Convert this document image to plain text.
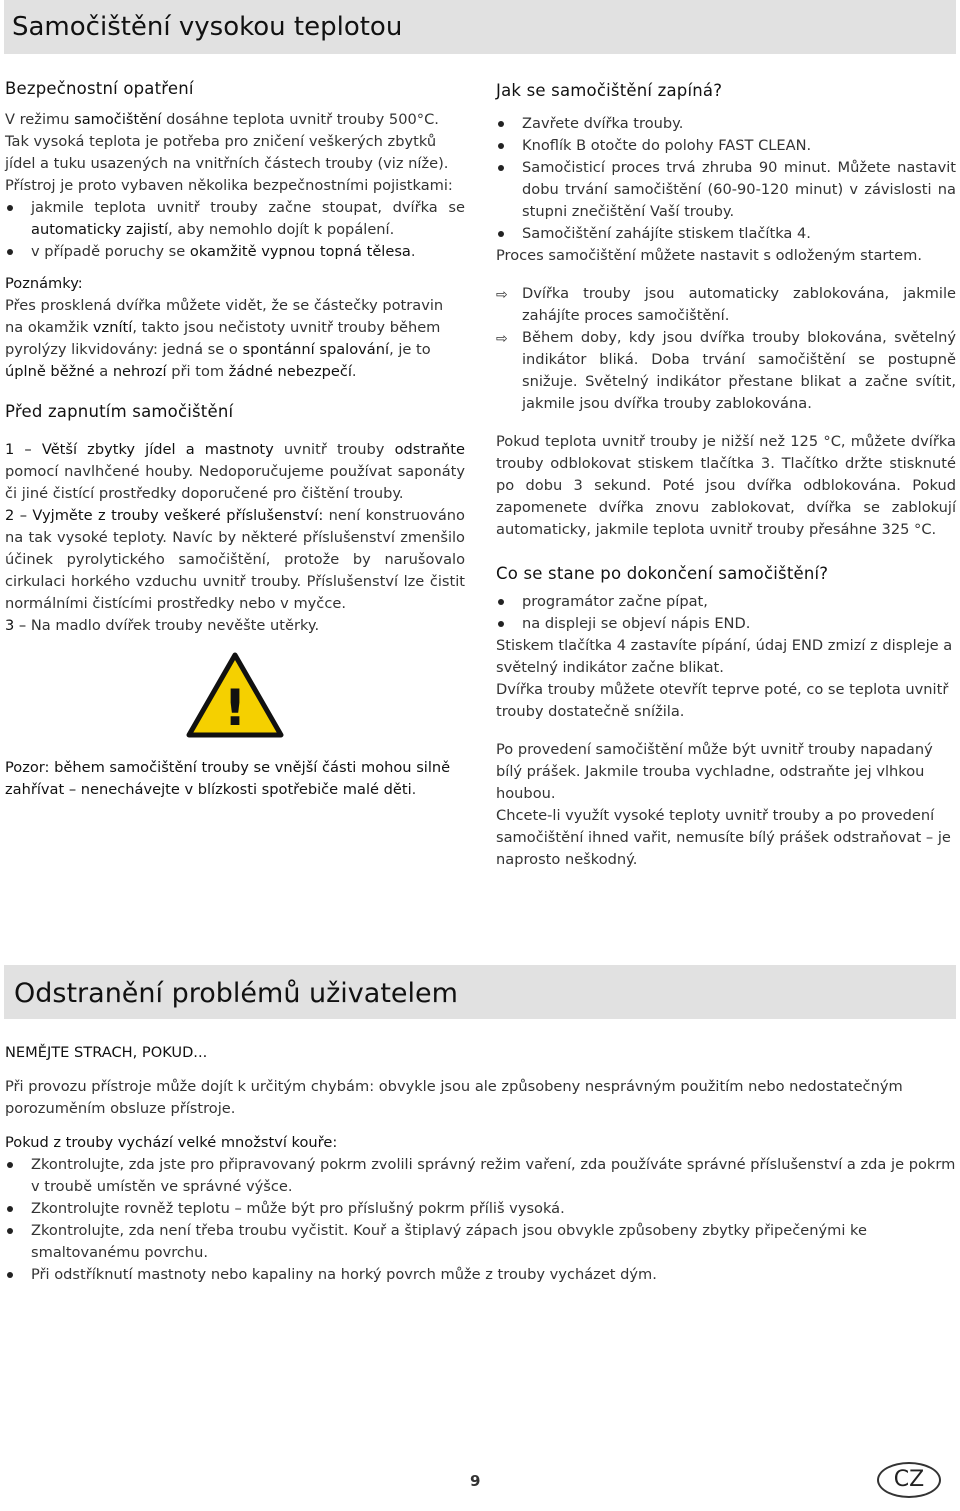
Samočištění vysokou teplotou

Bezpečnostní opatření

V režimu samočištění dosáhne teplota uvnitř trouby 500°C. Tak vysoká teplota je potřeba pro zničení veškerých zbytků jídel a tuku usazených na vnitřních částech trouby (viz níže). Přístroj je proto vybaven několika bezpečnostními pojistkami:

jakmile teplota uvnitř trouby začne stoupat, dvířka se automaticky zajistí, aby nemohlo dojít k popálení.
v případě poruchy se okamžitě vypnou topná tělesa.

Poznámky:

Přes prosklená dvířka můžete vidět, že se částečky potravin na okamžik vznítí, takto jsou nečistoty uvnitř trouby během pyrolýzy likvidovány: jedná se o spontánní spalování, je to úplně běžné a nehrozí při tom žádné nebezpečí.

Před zapnutím samočištění

1 – Větší zbytky jídel a mastnoty uvnitř trouby odstraňte pomocí navlhčené houby. Nedoporučujeme používat saponáty či jiné čistící prostředky doporučené pro čištění trouby.

2 – Vyjměte z trouby veškeré příslušenství: není konstruováno na tak vysoké teploty. Navíc by některé příslušenství zmenšilo účinek pyrolytického samočištění, protože by narušovalo cirkulaci horkého vzduchu uvnitř trouby. Příslušenství lze čistit normálními čistícími prostředky nebo v myčce.

3 – Na madlo dvířek trouby nevěšte utěrky.

!

Pozor: během samočištění trouby se vnější části mohou silně zahřívat – nenechávejte v blízkosti spotřebiče malé děti.

Jak se samočištění zapíná?

Zavřete dvířka trouby.
Knoflík B otočte do polohy FAST CLEAN.
Samočisticí proces trvá zhruba 90 minut. Můžete nastavit dobu trvání samočištění (60-90-120 minut) v závislosti na stupni znečištění Vaší trouby.
Samočištění zahájíte stiskem tlačítka 4.

Proces samočištění můžete nastavit s odloženým startem.

⇨ Dvířka trouby jsou automaticky zablokována, jakmile zahájíte proces samočištění.
⇨ Během doby, kdy jsou dvířka trouby blokována, světelný indikátor bliká. Doba trvání samočištění se postupně snižuje. Světelný indikátor přestane blikat a začne svítit, jakmile jsou dvířka trouby zablokována.

Pokud teplota uvnitř trouby je nižší než 125 °C, můžete dvířka trouby odblokovat stiskem tlačítka 3. Tlačítko držte stisknuté po dobu 3 sekund. Poté jsou dvířka odblokována. Pokud zapomenete dvířka znovu zablokovat, dvířka se zablokují automaticky, jakmile teplota uvnitř trouby přesáhne 325 °C.

Co se stane po dokončení samočištění?

programátor začne pípat,
na displeji se objeví nápis END.

Stiskem tlačítka 4 zastavíte pípání, údaj END zmizí z displeje a světelný indikátor začne blikat.

Dvířka trouby můžete otevřít teprve poté, co se teplota uvnitř trouby dostatečně snížila.

Po provedení samočištění může být uvnitř trouby napadaný bílý prášek. Jakmile trouba vychladne, odstraňte jej vlhkou houbou.

Chcete-li využít vysoké teploty uvnitř trouby a po provedení samočištění ihned vařit, nemusíte bílý prášek odstraňovat – je naprosto neškodný.

Odstranění problémů uživatelem

NEMĚJTE STRACH, POKUD...

Při provozu přístroje může dojít k určitým chybám: obvykle jsou ale způsobeny nesprávným použitím nebo nedostatečným porozuměním obsluze přístroje.

Pokud z trouby vychází velké množství kouře:

Zkontrolujte, zda jste pro připravovaný pokrm zvolili správný režim vaření, zda používáte správné příslušenství a zda je pokrm v troubě umístěn ve správné výšce.
Zkontrolujte rovněž teplotu – může být pro příslušný pokrm příliš vysoká.
Zkontrolujte, zda není třeba troubu vyčistit. Kouř a štiplavý zápach jsou obvykle způsobeny zbytky připečenými ke smaltovanému povrchu.
Při odstříknutí mastnoty nebo kapaliny na horký povrch může z trouby vycházet dým.
9	CZ
